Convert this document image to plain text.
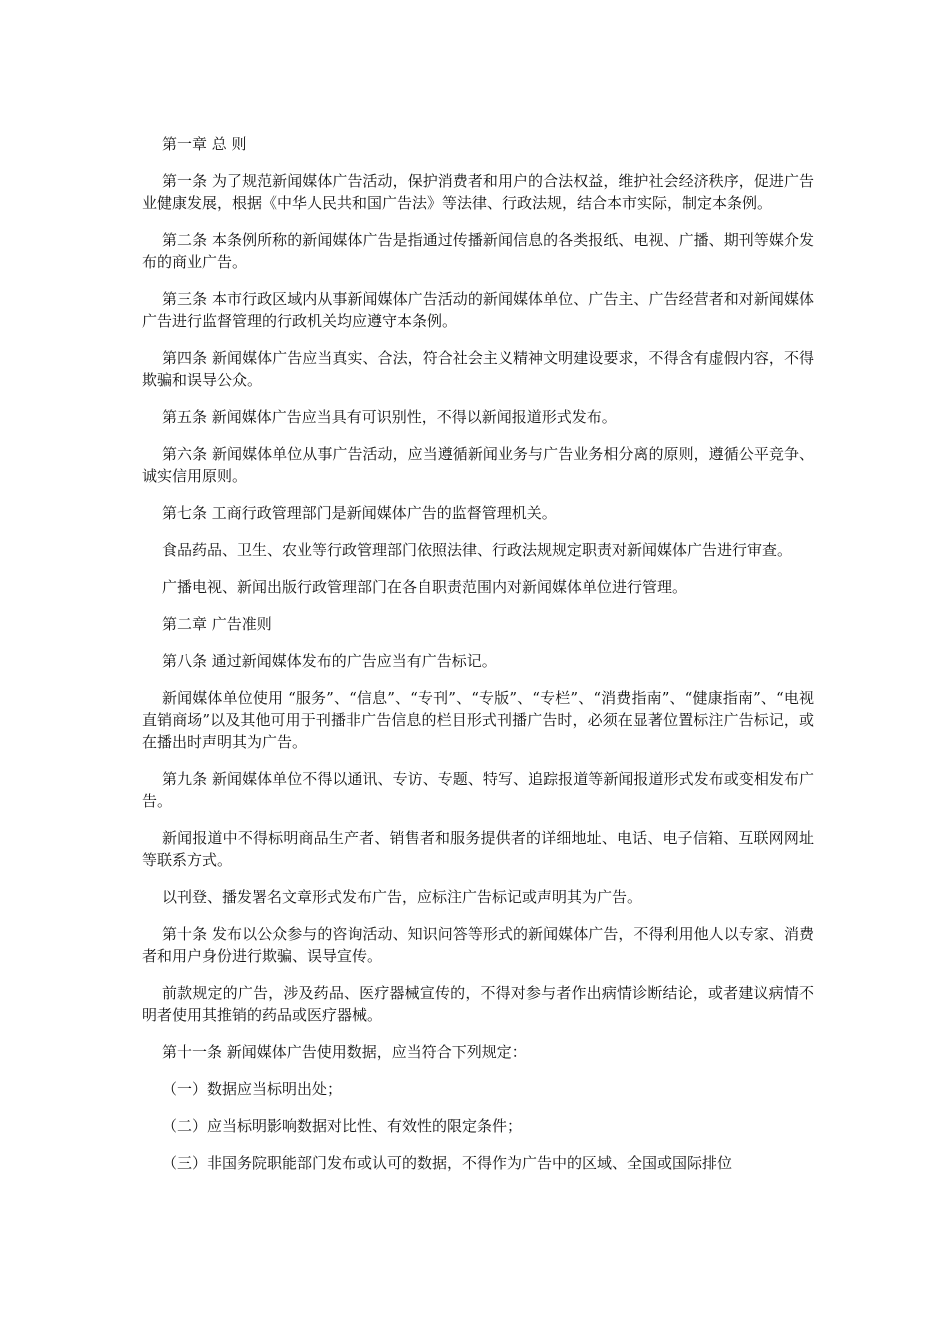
第一章 总 则

第一条 为了规范新闻媒体广告活动，保护消费者和用户的合法权益，维护社会经济秩序，促进广告业健康发展，根据《中华人民共和国广告法》等法律、行政法规，结合本市实际，制定本条例。

第二条 本条例所称的新闻媒体广告是指通过传播新闻信息的各类报纸、电视、广播、期刊等媒介发布的商业广告。

第三条 本市行政区域内从事新闻媒体广告活动的新闻媒体单位、广告主、广告经营者和对新闻媒体广告进行监督管理的行政机关均应遵守本条例。

第四条 新闻媒体广告应当真实、合法，符合社会主义精神文明建设要求，不得含有虚假内容，不得欺骗和误导公众。

第五条 新闻媒体广告应当具有可识别性，不得以新闻报道形式发布。

第六条 新闻媒体单位从事广告活动，应当遵循新闻业务与广告业务相分离的原则，遵循公平竞争、诚实信用原则。

第七条 工商行政管理部门是新闻媒体广告的监督管理机关。

食品药品、卫生、农业等行政管理部门依照法律、行政法规规定职责对新闻媒体广告进行审查。

广播电视、新闻出版行政管理部门在各自职责范围内对新闻媒体单位进行管理。

第二章 广告准则

第八条 通过新闻媒体发布的广告应当有广告标记。

新闻媒体单位使用 “服务”、“信息”、“专刊”、“专版”、“专栏”、“消费指南”、“健康指南”、“电视直销商场”以及其他可用于刊播非广告信息的栏目形式刊播广告时，必须在显著位置标注广告标记，或在播出时声明其为广告。

第九条 新闻媒体单位不得以通讯、专访、专题、特写、追踪报道等新闻报道形式发布或变相发布广告。

新闻报道中不得标明商品生产者、销售者和服务提供者的详细地址、电话、电子信箱、互联网网址等联系方式。

以刊登、播发署名文章形式发布广告，应标注广告标记或声明其为广告。

第十条 发布以公众参与的咨询活动、知识问答等形式的新闻媒体广告，不得利用他人以专家、消费者和用户身份进行欺骗、误导宣传。

前款规定的广告，涉及药品、医疗器械宣传的，不得对参与者作出病情诊断结论，或者建议病情不明者使用其推销的药品或医疗器械。

第十一条 新闻媒体广告使用数据，应当符合下列规定：

（一）数据应当标明出处；

（二）应当标明影响数据对比性、有效性的限定条件；

（三）非国务院职能部门发布或认可的数据，不得作为广告中的区域、全国或国际排位
